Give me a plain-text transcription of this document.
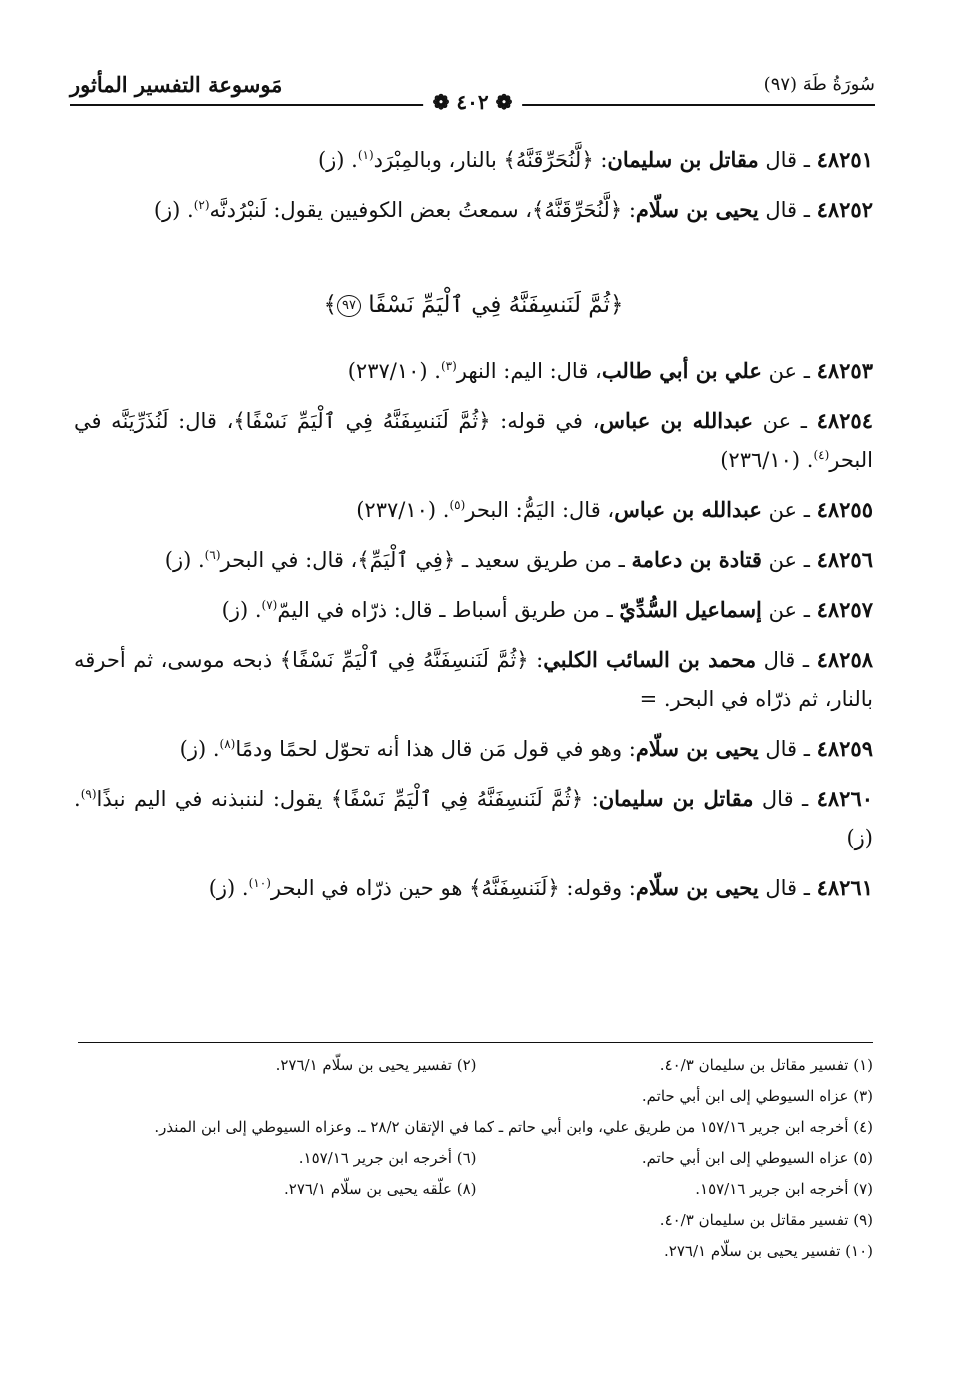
مَوسوعة التفسير المأثور	سُورَةُ طَهَ (٩٧)
❁ ٤٠٢ ❁

٤٨٢٥١ ـ قال مقاتل بن سليمان: ﴿لَّنُحَرِّقَنَّهُ﴾ بالنار، وبالمِبْرَد$^{(١)}$. (ز)

٤٨٢٥٢ ـ قال يحيى بن سلّام: ﴿لَّنُحَرِّقَنَّهُ﴾، سمعتُ بعض الكوفيين يقول: لَنبْرُدنَّه$^{(٢)}$. (ز)

﴿ثُمَّ لَنَنسِفَنَّهُ فِي ٱلْيَمِّ نَسْفًا ٩٧﴾

٤٨٢٥٣ ـ عن علي بن أبي طالب، قال: اليم: النهر$^{(٣)}$. (٢٣٧/١٠)

٤٨٢٥٤ ـ عن عبدالله بن عباس، في قوله: ﴿ثُمَّ لَنَنسِفَنَّهُ فِي ٱلْيَمِّ نَسْفًا﴾، قال: لَنُذَرِّيَنَّه في البحر$^{(٤)}$. (٢٣٦/١٠)

٤٨٢٥٥ ـ عن عبدالله بن عباس، قال: اليَمُّ: البحر$^{(٥)}$. (٢٣٧/١٠)

٤٨٢٥٦ ـ عن قتادة بن دعامة ـ من طريق سعيد ـ ﴿فِي ٱلْيَمِّ﴾، قال: في البحر$^{(٦)}$. (ز)

٤٨٢٥٧ ـ عن إسماعيل السُّدِّيّ ـ من طريق أسباط ـ قال: ذرّاه في اليمّ$^{(٧)}$. (ز)

٤٨٢٥٨ ـ قال محمد بن السائب الكلبي: ﴿ثُمَّ لَنَنسِفَنَّهُ فِي ٱلْيَمِّ نَسْفًا﴾ ذبحه موسى، ثم أحرقه بالنار، ثم ذرّاه في البحر. =

٤٨٢٥٩ ـ قال يحيى بن سلّام: وهو في قول مَن قال هذا أنه تحوّل لحمًا ودمًا$^{(٨)}$. (ز)

٤٨٢٦٠ ـ قال مقاتل بن سليمان: ﴿ثُمَّ لَنَنسِفَنَّهُ فِي ٱلْيَمِّ نَسْفًا﴾ يقول: لننبذنه في اليم نبذًا$^{(٩)}$. (ز)

٤٨٢٦١ ـ قال يحيى بن سلّام: وقوله: ﴿لَنَنسِفَنَّهُ﴾ هو حين ذرّاه في البحر$^{(١٠)}$. (ز)

(١) تفسير مقاتل بن سليمان ٤٠/٣.
(٢) تفسير يحيى بن سلّام ٢٧٦/١.
(٣) عزاه السيوطي إلى ابن أبي حاتم.
(٤) أخرجه ابن جرير ١٥٧/١٦ من طريق علي، وابن أبي حاتم ـ كما في الإتقان ٢٨/٢ ـ. وعزاه السيوطي إلى ابن المنذر.
(٥) عزاه السيوطي إلى ابن أبي حاتم.
(٦) أخرجه ابن جرير ١٥٧/١٦.
(٧) أخرجه ابن جرير ١٥٧/١٦.
(٨) علّقه يحيى بن سلّام ٢٧٦/١.
(٩) تفسير مقاتل بن سليمان ٤٠/٣.
(١٠) تفسير يحيى بن سلّام ٢٧٦/١.
